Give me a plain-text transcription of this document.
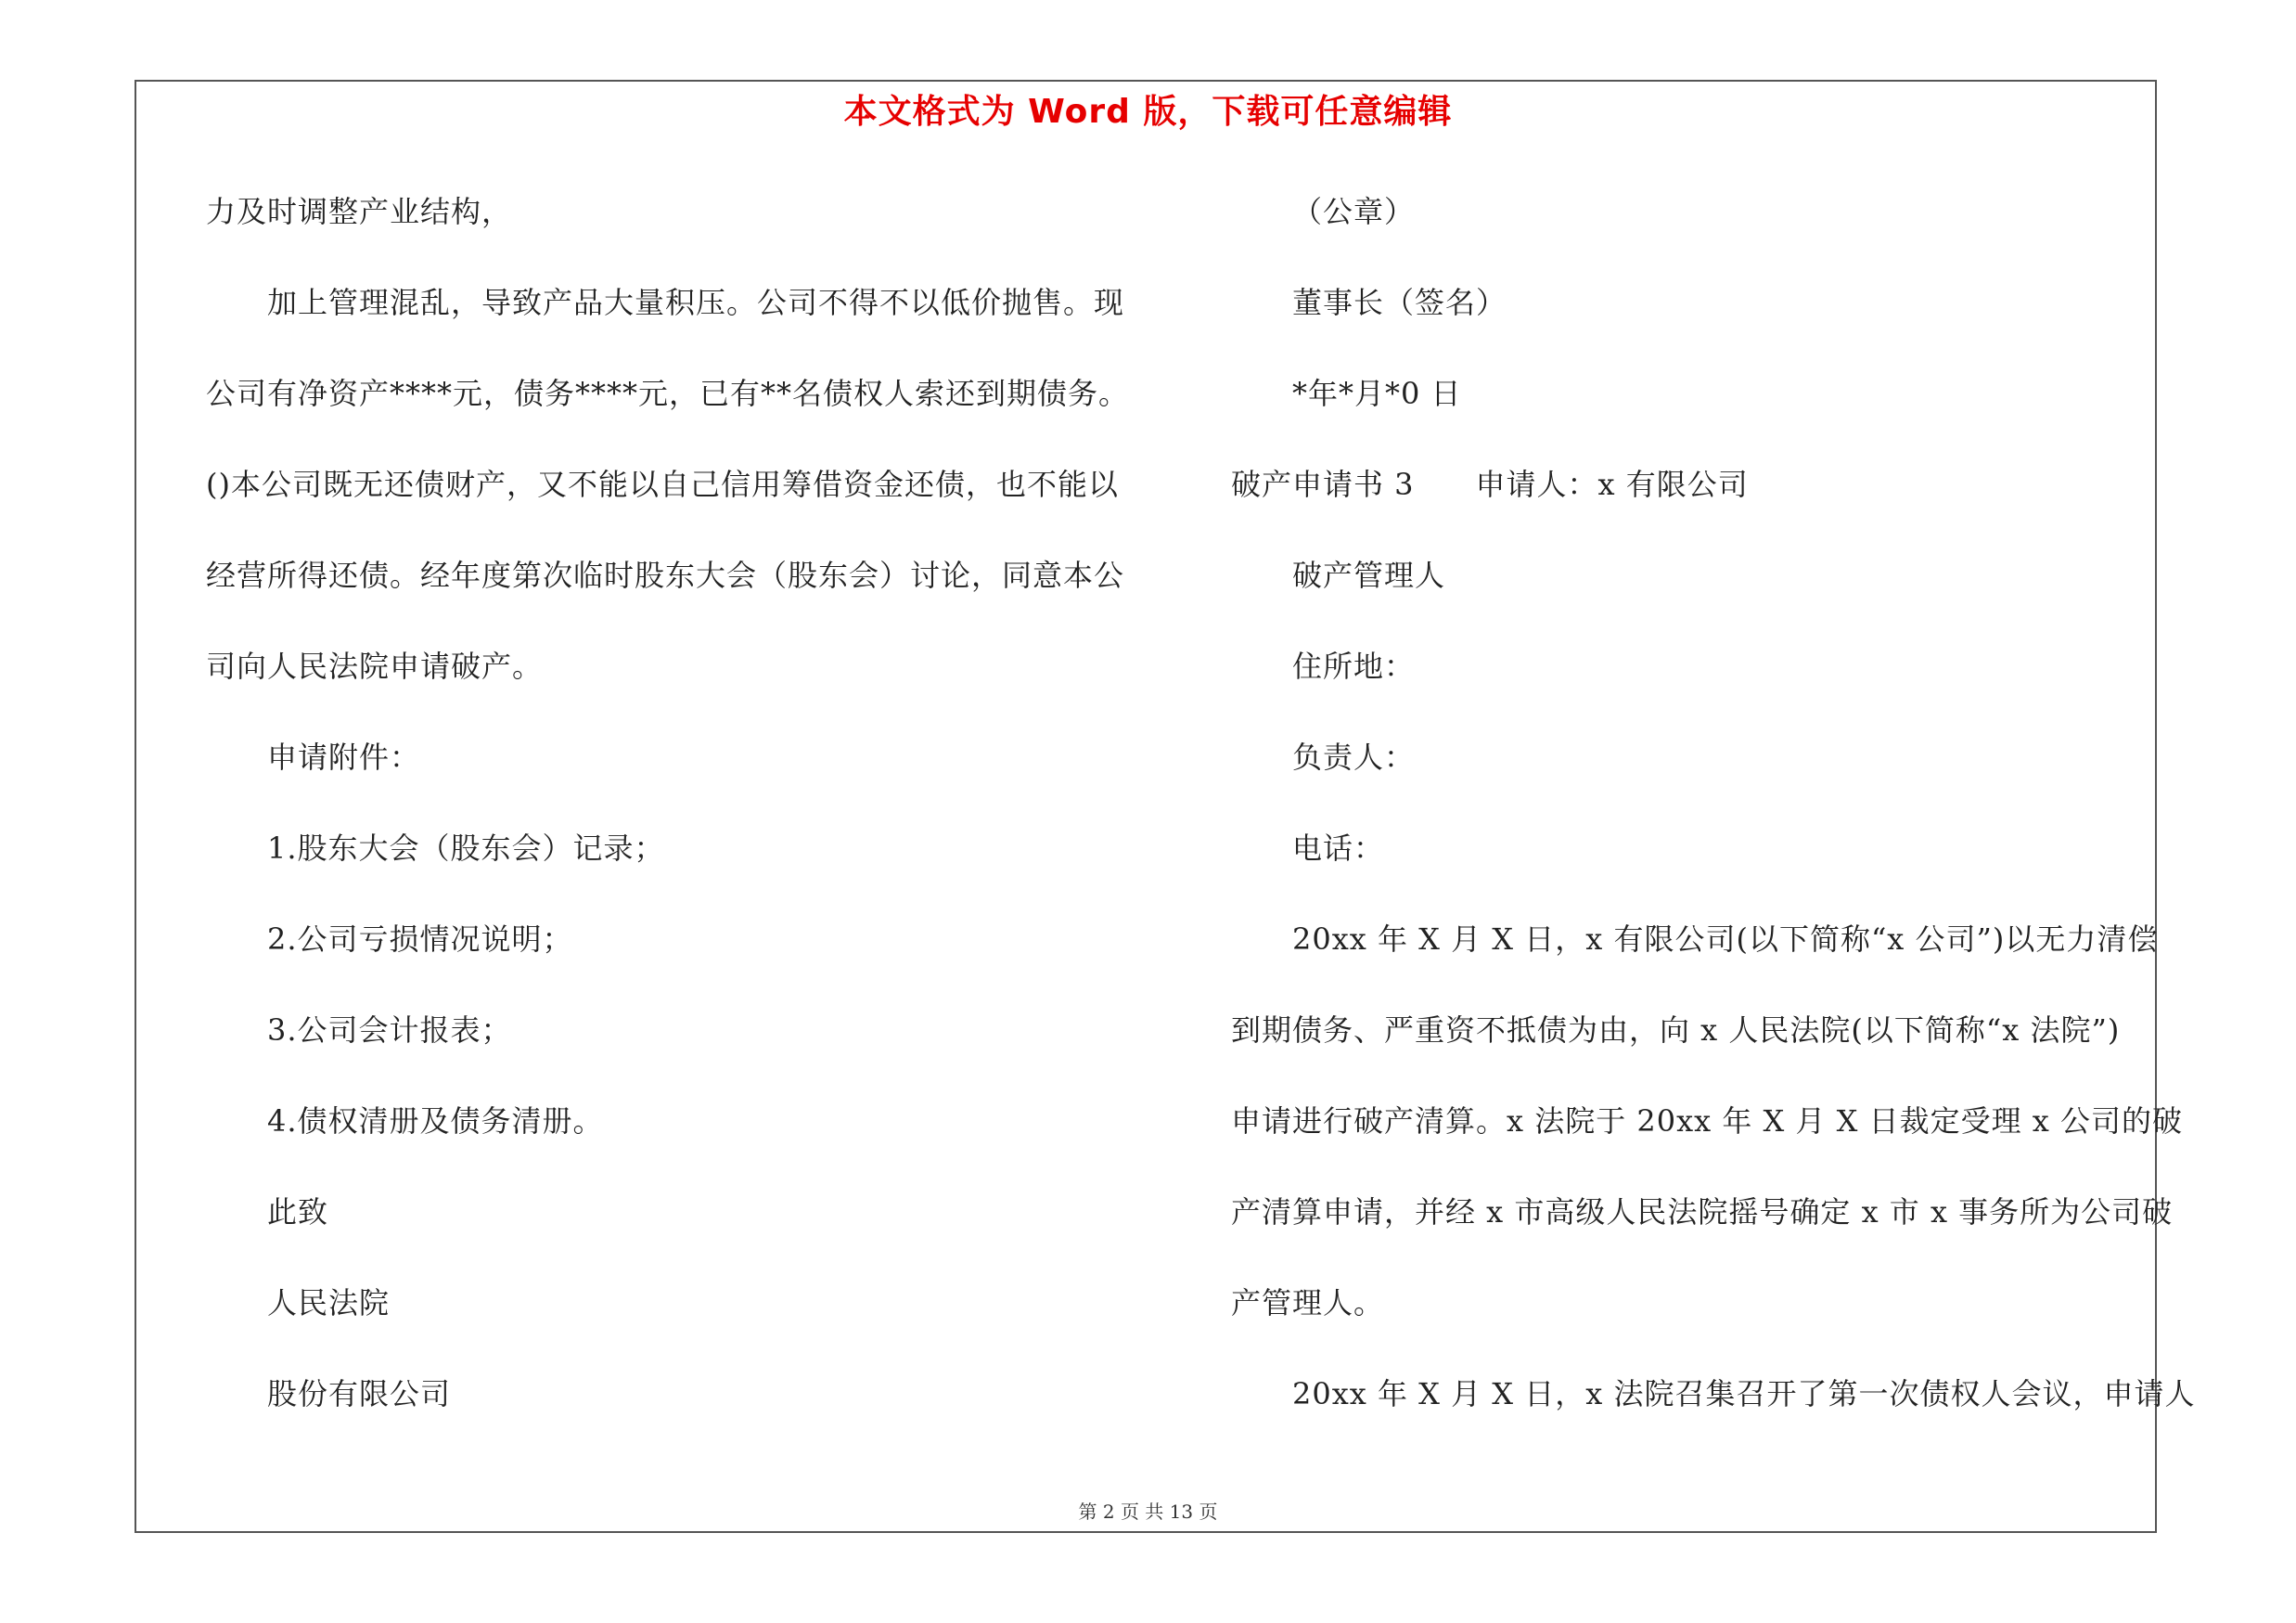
本文格式为 Word 版，下载可任意编辑
力及时调整产业结构，
加上管理混乱，导致产品大量积压。公司不得不以低价抛售。现
公司有净资产****元，债务****元，已有**名债权人索还到期债务。
()本公司既无还债财产，又不能以自己信用筹借资金还债，也不能以
经营所得还债。经年度第次临时股东大会（股东会）讨论，同意本公
司向人民法院申请破产。
申请附件：
1.股东大会（股东会）记录；
2.公司亏损情况说明；
3.公司会计报表；
4.债权清册及债务清册。
此致
人民法院
股份有限公司
（公章）
董事长（签名）
*年*月*0 日
破产申请书 3　　申请人：x 有限公司
破产管理人
住所地：
负责人：
电话：
20xx 年 X 月 X 日，x 有限公司(以下简称“x 公司”)以无力清偿
到期债务、严重资不抵债为由，向 x 人民法院(以下简称“x 法院”)
申请进行破产清算。x 法院于 20xx 年 X 月 X 日裁定受理 x 公司的破
产清算申请，并经 x 市高级人民法院摇号确定 x 市 x 事务所为公司破
产管理人。
20xx 年 X 月 X 日，x 法院召集召开了第一次债权人会议，申请人
第 2 页 共 13 页
